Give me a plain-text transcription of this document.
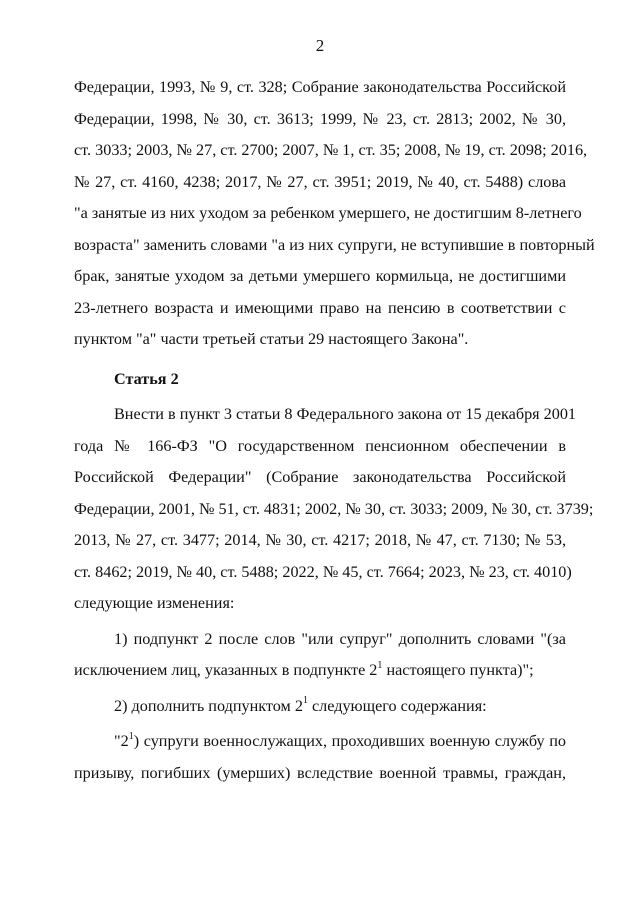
2
Федерации, 1993, № 9, ст. 328; Собрание законодательства Российской
Федерации, 1998, № 30, ст. 3613; 1999, № 23, ст. 2813; 2002, № 30,
ст. 3033; 2003, № 27, ст. 2700; 2007, № 1, ст. 35; 2008, № 19, ст. 2098; 2016,
№ 27, ст. 4160, 4238; 2017, № 27, ст. 3951; 2019, № 40, ст. 5488) слова
"а занятые из них уходом за ребенком умершего, не достигшим 8-летнего
возраста" заменить словами "а из них супруги, не вступившие в повторный
брак, занятые уходом за детьми умершего кормильца, не достигшими
23-летнего возраста и имеющими право на пенсию в соответствии с
пунктом "а" части третьей статьи 29 настоящего Закона".
Статья 2
Внести в пункт 3 статьи 8 Федерального закона от 15 декабря 2001
года № 166-ФЗ "О государственном пенсионном обеспечении в
Российской Федерации" (Собрание законодательства Российской
Федерации, 2001, № 51, ст. 4831; 2002, № 30, ст. 3033; 2009, № 30, ст. 3739;
2013, № 27, ст. 3477; 2014, № 30, ст. 4217; 2018, № 47, ст. 7130; № 53,
ст. 8462; 2019, № 40, ст. 5488; 2022, № 45, ст. 7664; 2023, № 23, ст. 4010)
следующие изменения:
1) подпункт 2 после слов "или супруг" дополнить словами "(за
исключением лиц, указанных в подпункте $2^1$ настоящего пункта)";
2) дополнить подпунктом $2^1$ следующего содержания:
"$2^1$) супруги военнослужащих, проходивших военную службу по
призыву, погибших (умерших) вследствие военной травмы, граждан,
